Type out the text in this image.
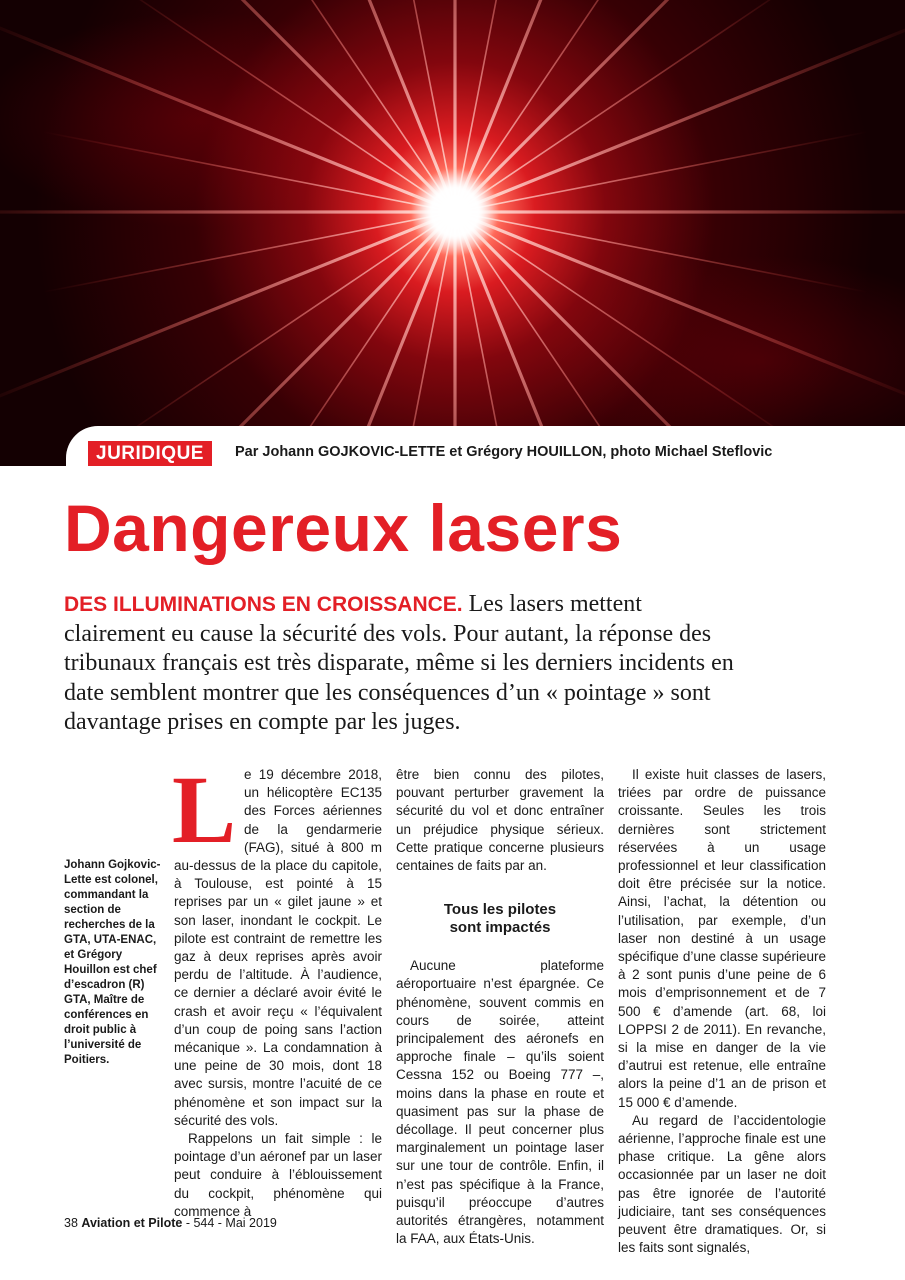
JURIDIQUE	Par Johann GOJKOVIC-LETTE et Grégory HOUILLON, photo Michael Steflovic
Dangereux lasers

DES ILLUMINATIONS EN CROISSANCE. Les lasers mettent clairement eu cause la sécurité des vols. Pour autant, la réponse des tribunaux français est très disparate, même si les derniers incidents en date semblent montrer que les conséquences d’un « pointage » sont davantage prises en compte par les juges.

Johann Gojkovic-Lette est colonel, commandant la section de recherches de la GTA, UTA-ENAC, et Grégory Houillon est chef d’escadron (R) GTA, Maître de conférences en droit public à l’université de Poitiers.

Le 19 décembre 2018, un hélicoptère EC135 des Forces aériennes de la gendarmerie (FAG), situé à 800 m au-dessus de la place du capitole, à Toulouse, est pointé à 15 reprises par un « gilet jaune » et son laser, inondant le cockpit. Le pilote est contraint de remettre les gaz à deux reprises après avoir perdu de l’altitude. À l’audience, ce dernier a déclaré avoir évité le crash et avoir reçu « l’équivalent d’un coup de poing sans l’action mécanique ». La condamnation à une peine de 30 mois, dont 18 avec sursis, montre l’acuité de ce phénomène et son impact sur la sécurité des vols.

Rappelons un fait simple : le pointage d’un aéronef par un laser peut conduire à l’éblouissement du cockpit, phénomène qui commence à

être bien connu des pilotes, pouvant perturber gravement la sécurité du vol et donc entraîner un préjudice physique sérieux. Cette pratique concerne plusieurs centaines de faits par an.

Tous les pilotes
sont impactés

Aucune plateforme aéroportuaire n’est épargnée. Ce phénomène, souvent commis en cours de soirée, atteint principalement des aéronefs en approche finale – qu’ils soient Cessna 152 ou Boeing 777 –, moins dans la phase en route et quasiment pas sur la phase de décollage. Il peut concerner plus marginalement un pointage laser sur une tour de contrôle. Enfin, il n’est pas spécifique à la France, puisqu’il préoccupe d’autres autorités étrangères, notamment la FAA, aux États-Unis.

Il existe huit classes de lasers, triées par ordre de puissance croissante. Seules les trois dernières sont strictement réservées à un usage professionnel et leur classification doit être précisée sur la notice. Ainsi, l’achat, la détention ou l’utilisation, par exemple, d’un laser non destiné à un usage spécifique d’une classe supérieure à 2 sont punis d’une peine de 6 mois d’emprisonnement et de 7 500 € d’amende (art. 68, loi LOPPSI 2 de 2011). En revanche, si la mise en danger de la vie d’autrui est retenue, elle entraîne alors la peine d’1 an de prison et 15 000 € d’amende.

Au regard de l’accidentologie aérienne, l’approche finale est une phase critique. La gêne alors occasionnée par un laser ne doit pas être ignorée de l’autorité judiciaire, tant ses conséquences peuvent être dramatiques. Or, si les faits sont signalés,

38 Aviation et Pilote - 544 - Mai 2019
